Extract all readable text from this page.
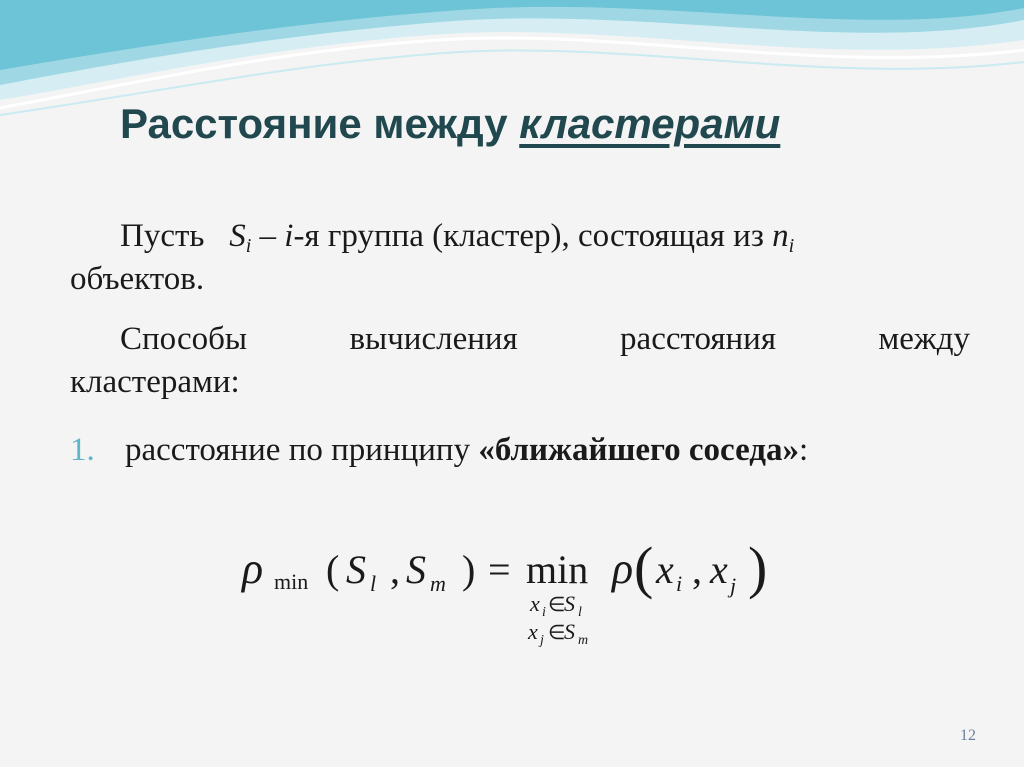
Расстояние между кластерами
Пусть $S_i - i-я$ группа (кластер), состоящая из $n_i$
объектов.
Способы	вычисления	расстояния	между
кластерами:
1. расстояние по принципу «ближайшего соседа»:
ρ min ( S l , S m ) = min
x i ∈
S l
x j ∈
S m
ρ ( x i , x j )
12
